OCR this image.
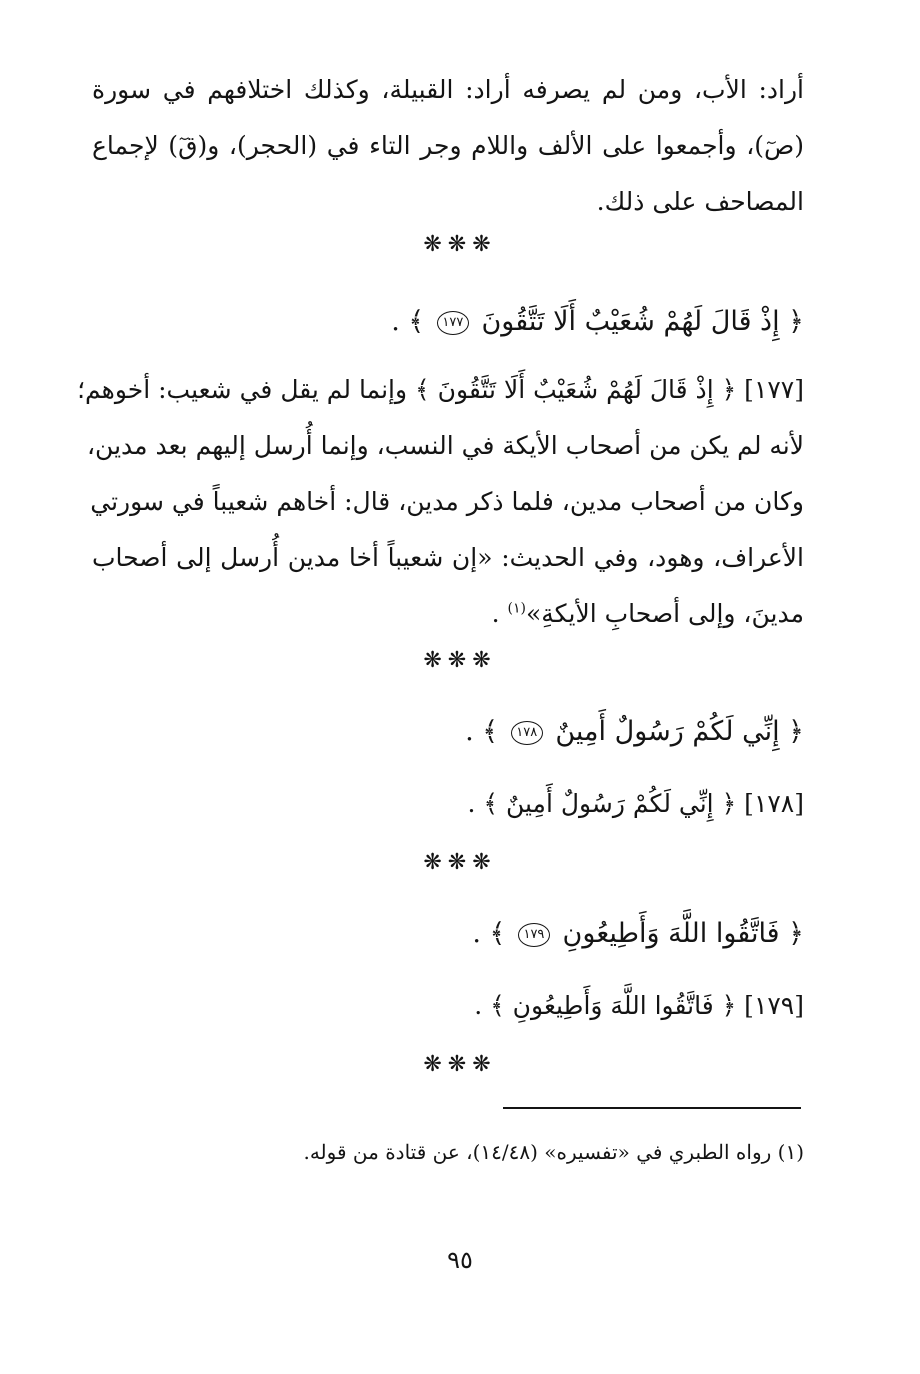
أراد: الأب، ومن لم يصرفه أراد: القبيلة، وكذلك اختلافهم في سورة
(صٓ)، وأجمعوا على الألف واللام وجر التاء في (الحجر)، و(قٓ) لإجماع
المصاحف على ذلك.
❋❋❋
﴿ إِذْ قَالَ لَهُمْ شُعَيْبٌ أَلَا تَتَّقُونَ ١٧٧ ﴾ .
[١٧٧] ﴿ إِذْ قَالَ لَهُمْ شُعَيْبٌ أَلَا تَتَّقُونَ ﴾ وإنما لم يقل في شعيب: أخوهم؛
لأنه لم يكن من أصحاب الأيكة في النسب، وإنما أُرسل إليهم بعد مدين،
وكان من أصحاب مدين، فلما ذكر مدين، قال: أخاهم شعيباً في سورتي
الأعراف، وهود، وفي الحديث: «إن شعيباً أخا مدين أُرسل إلى أصحاب
مدينَ، وإلى أصحابِ الأيكةِ»$^{(١)}$ .
❋❋❋
﴿ إِنِّي لَكُمْ رَسُولٌ أَمِينٌ ١٧٨ ﴾ .
[١٧٨] ﴿ إِنِّي لَكُمْ رَسُولٌ أَمِينٌ ﴾ .
❋❋❋
﴿ فَاتَّقُوا اللَّهَ وَأَطِيعُونِ ١٧٩ ﴾ .
[١٧٩] ﴿ فَاتَّقُوا اللَّهَ وَأَطِيعُونِ ﴾ .
❋❋❋
(١) رواه الطبري في «تفسيره» (١٤/٤٨)، عن قتادة من قوله.
٩٥
